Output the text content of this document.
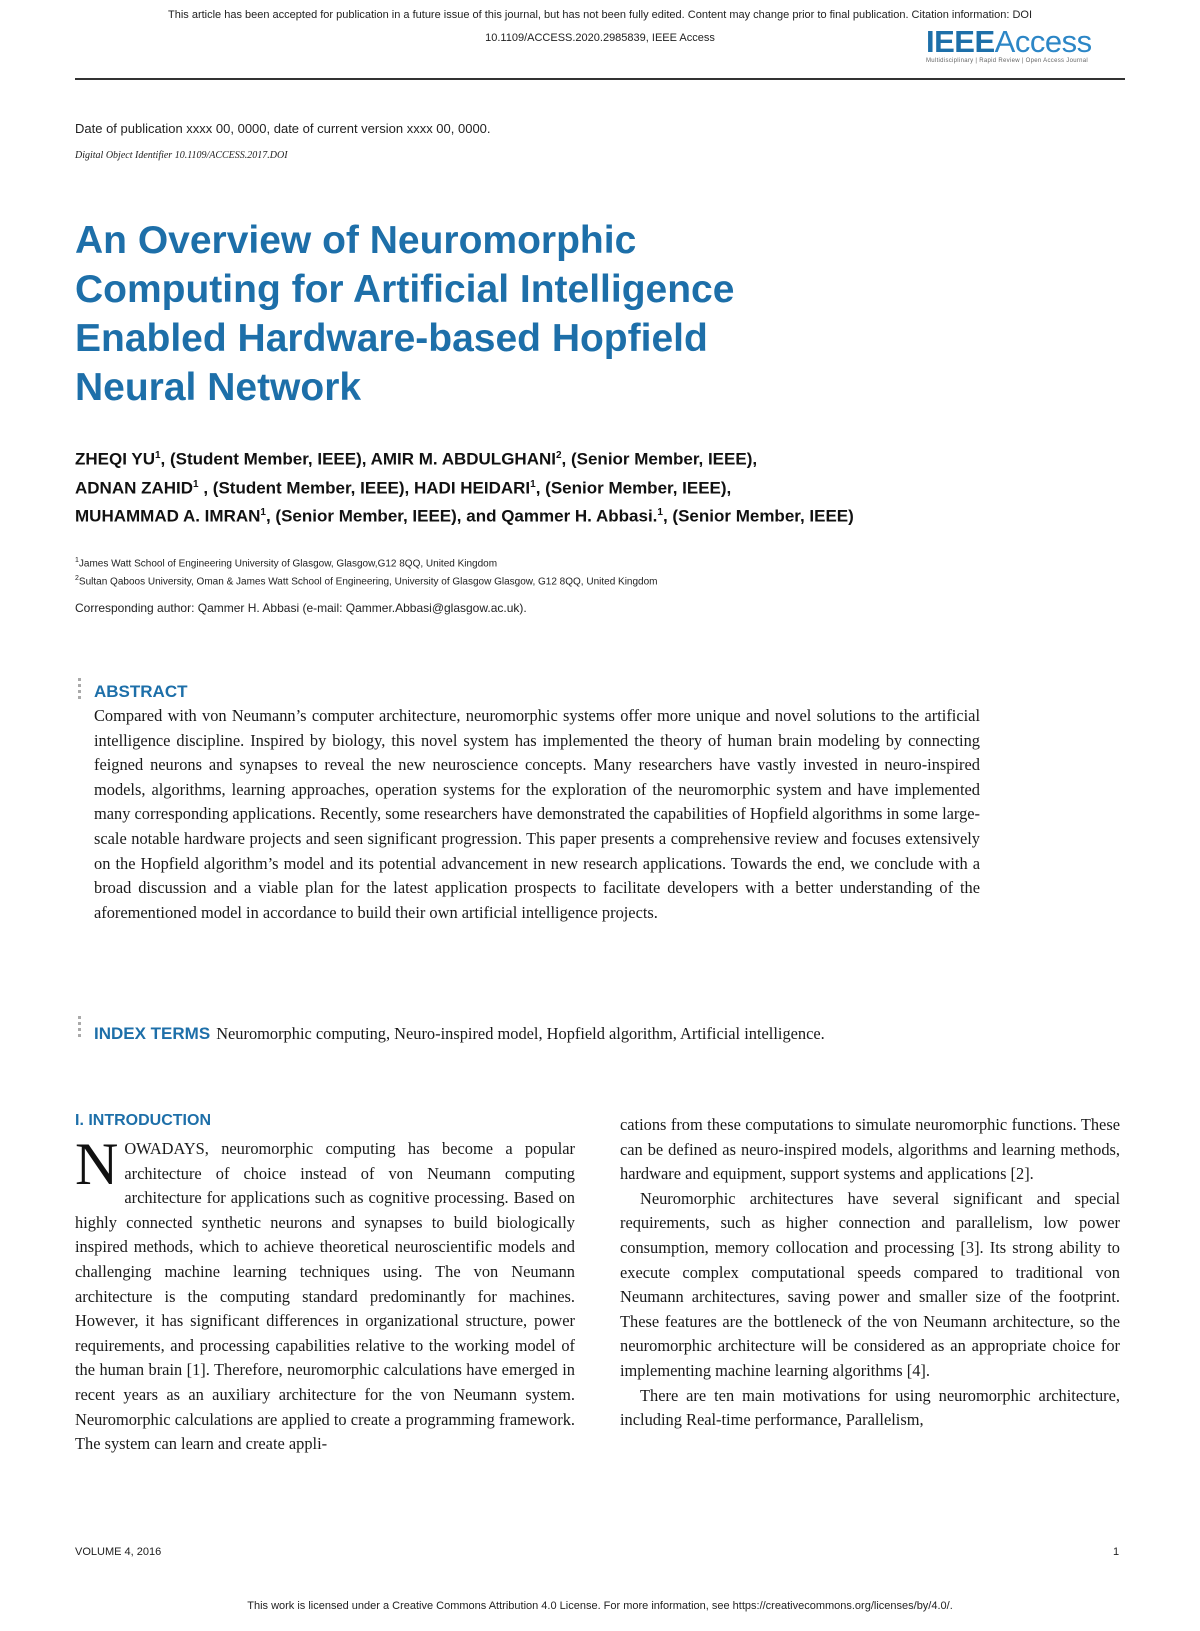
This article has been accepted for publication in a future issue of this journal, but has not been fully edited. Content may change prior to final publication. Citation information: DOI
10.1109/ACCESS.2020.2985839, IEEE Access	IEEEAccess
Multidisciplinary | Rapid Review | Open Access Journal
Date of publication xxxx 00, 0000, date of current version xxxx 00, 0000.
Digital Object Identifier 10.1109/ACCESS.2017.DOI
An Overview of Neuromorphic
Computing for Artificial Intelligence
Enabled Hardware-based Hopfield
Neural Network
ZHEQI $YU^1$, (Student Member, IEEE), AMIR M. ABDULGHANI$^2$, (Senior Member, IEEE),
ADNAN ZAHID$^1$ , (Student Member, IEEE), HADI HEIDARI$^1$, (Senior Member, IEEE),
MUHAMMAD A. IMRAN$^1$, (Senior Member, IEEE), and Qammer H. Abbasi.$^1$, (Senior Member, IEEE)
$^1$James Watt School of Engineering University of Glasgow, Glasgow,G12 8QQ, United Kingdom
$^2$Sultan Qaboos University, Oman & James Watt School of Engineering, University of Glasgow Glasgow, G12 8QQ, United Kingdom
Corresponding author: Qammer H. Abbasi (e-mail: Qammer.Abbasi@glasgow.ac.uk).
ABSTRACT
Compared with von Neumann’s computer architecture, neuromorphic systems offer more unique and novel solutions to the artificial intelligence discipline. Inspired by biology, this novel system has implemented the theory of human brain modeling by connecting feigned neurons and synapses to reveal the new neuroscience concepts. Many researchers have vastly invested in neuro-inspired models, algorithms, learning approaches, operation systems for the exploration of the neuromorphic system and have implemented many corresponding applications. Recently, some researchers have demonstrated the capabilities of Hopfield algorithms in some large-scale notable hardware projects and seen significant progression. This paper presents a comprehensive review and focuses extensively on the Hopfield algorithm’s model and its potential advancement in new research applications. Towards the end, we conclude with a broad discussion and a viable plan for the latest application prospects to facilitate developers with a better understanding of the aforementioned model in accordance to build their own artificial intelligence projects.
INDEX TERMS Neuromorphic computing, Neuro-inspired model, Hopfield algorithm, Artificial intelligence.
I. INTRODUCTION

NOWADAYS, neuromorphic computing has become a popular architecture of choice instead of von Neumann computing architecture for applications such as cognitive processing. Based on highly connected synthetic neurons and synapses to build biologically inspired methods, which to achieve theoretical neuroscientific models and challenging machine learning techniques using. The von Neumann architecture is the computing standard predominantly for machines. However, it has significant differences in organizational structure, power requirements, and processing capabilities relative to the working model of the human brain [1]. Therefore, neuromorphic calculations have emerged in recent years as an auxiliary architecture for the von Neumann system. Neuromorphic calculations are applied to create a programming framework. The system can learn and create appli-

cations from these computations to simulate neuromorphic functions. These can be defined as neuro-inspired models, algorithms and learning methods, hardware and equipment, support systems and applications [2].

Neuromorphic architectures have several significant and special requirements, such as higher connection and parallelism, low power consumption, memory collocation and processing [3]. Its strong ability to execute complex computational speeds compared to traditional von Neumann architectures, saving power and smaller size of the footprint. These features are the bottleneck of the von Neumann architecture, so the neuromorphic architecture will be considered as an appropriate choice for implementing machine learning algorithms [4].

There are ten main motivations for using neuromorphic architecture, including Real-time performance, Parallelism,

VOLUME 4, 2016	1
This work is licensed under a Creative Commons Attribution 4.0 License. For more information, see https://creativecommons.org/licenses/by/4.0/.
